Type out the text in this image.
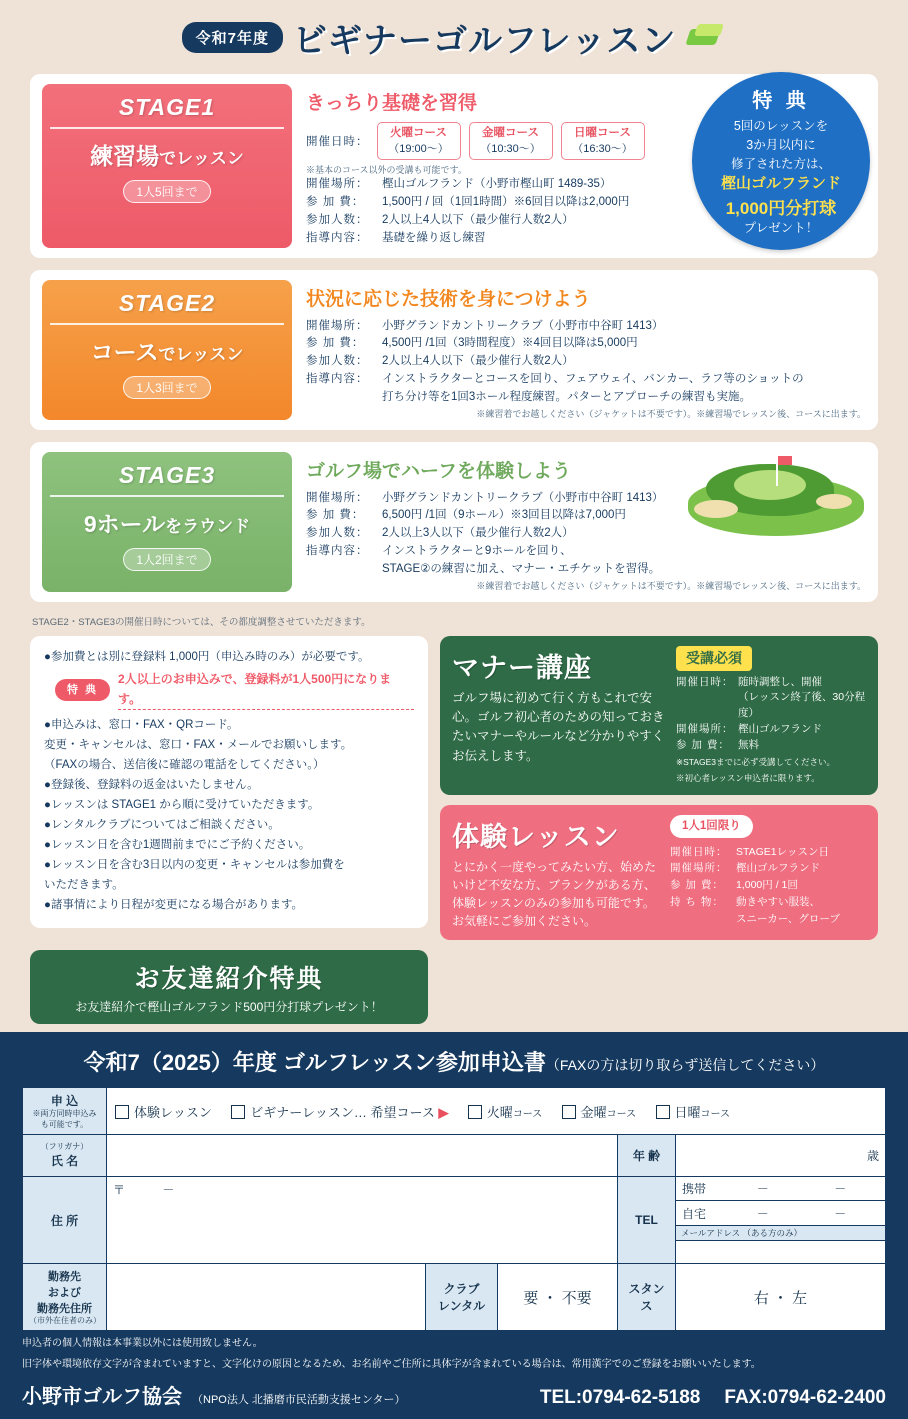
令和7年度 ビギナーゴルフレッスン
特 典
5回のレッスンを
3か月以内に
修了された方は、
樫山ゴルフランド
1,000円分打球
プレゼント！
STAGE1
練習場でレッスン
1人5回まで
きっちり基礎を習得
開催日時：
火曜コース
（19:00～）
金曜コース
（10:30～）
日曜コース
（16:30～）
※基本のコース以外の受講も可能です。
開催場所：	樫山ゴルフランド（小野市樫山町 1489-35）
参 加 費：	1,500円 / 回（1回1時間）※6回目以降は2,000円
参加人数：	2人以上4人以下（最少催行人数2人）
指導内容：	基礎を繰り返し練習
STAGE2
コースでレッスン
1人3回まで
状況に応じた技術を身につけよう
開催場所：	小野グランドカントリークラブ（小野市中谷町 1413）
参 加 費：	4,500円 /1回（3時間程度）※4回目以降は5,000円
参加人数：	2人以上4人以下（最少催行人数2人）
指導内容：	インストラクターとコースを回り、フェアウェイ、バンカー、ラフ等のショットの
打ち分け等を1回3ホール程度練習。パターとアプローチの練習も実施。
※練習着でお越しください（ジャケットは不要です）。※練習場でレッスン後、コースに出ます。
STAGE3
9ホールをラウンド
1人2回まで
ゴルフ場でハーフを体験しよう
開催場所：	小野グランドカントリークラブ（小野市中谷町 1413）
参 加 費：	6,500円 /1回（9ホール）※3回目以降は7,000円
参加人数：	2人以上3人以下（最少催行人数2人）
指導内容：	インストラクターと9ホールを回り、
STAGE②の練習に加え、マナー・エチケットを習得。
※練習着でお越しください（ジャケットは不要です）。※練習場でレッスン後、コースに出ます。
STAGE2・STAGE3の開催日時については、その都度調整させていただきます。
●参加費とは別に登録料 1,000円（申込み時のみ）が必要です。
特 典
2人以上のお申込みで、登録料が1人500円になります。
●申込みは、窓口・FAX・QRコード。
変更・キャンセルは、窓口・FAX・メールでお願いします。
（FAXの場合、送信後に確認の電話をしてください。）
●登録後、登録料の返金はいたしません。
●レッスンは STAGE1 から順に受けていただきます。
●レンタルクラブについてはご相談ください。
●レッスン日を含む1週間前までにご予約ください。
●レッスン日を含む3日以内の変更・キャンセルは参加費を
いただきます。
●諸事情により日程が変更になる場合があります。
マナー講座
ゴルフ場に初めて行く方もこれで安心。ゴルフ初心者のための知っておきたいマナーやルールなど分かりやすくお伝えします。
受講必須
開催日時： 随時調整し、開催
（レッスン終了後、30分程度）
開催場所： 樫山ゴルフランド
参 加 費： 無料
※STAGE3までに必ず受講してください。
※初心者レッスン申込者に限ります。
体験レッスン
とにかく一度やってみたい方、始めたいけど不安な方、ブランクがある方、体験レッスンのみの参加も可能です。お気軽にご参加ください。
1人1回限り
開催日時： STAGE1レッスン日
開催場所： 樫山ゴルフランド
参 加 費：	1,000円 / 1回
持 ち 物：	動きやすい服装、
スニーカー、グローブ
お友達紹介特典
お友達紹介で樫山ゴルフランド500円分打球プレゼント！
令和7（2025）年度 ゴルフレッスン参加申込書（FAXの方は切り取らず送信してください）
申 込
※両方同時申込みも可能です。	体験レッスン ビギナーレッスン… 希望コース ▶ 火曜コース 金曜コース 日曜コース				

（フリガナ）
氏 名				年 齢	歳

住 所	〒	－	TEL	
携帯	－	－
自宅	－	－

					メールアドレス （ある方のみ）

勤務先
および
勤務先住所
（市外在住者のみ）

クラブ
レンタル	要 ・ 不要	スタンス	右 ・ 左
申込者の個人情報は本事業以外には使用致しません。
旧字体や環境依存文字が含まれていますと、文字化けの原因となるため、お名前やご住所に具体字が含まれている場合は、常用漢字でのご登録をお願いいたします。
小野市ゴルフ協会 （NPO法人 北播磨市民活動支援センター）	TEL:0794-62-5188 FAX:0794-62-2400
